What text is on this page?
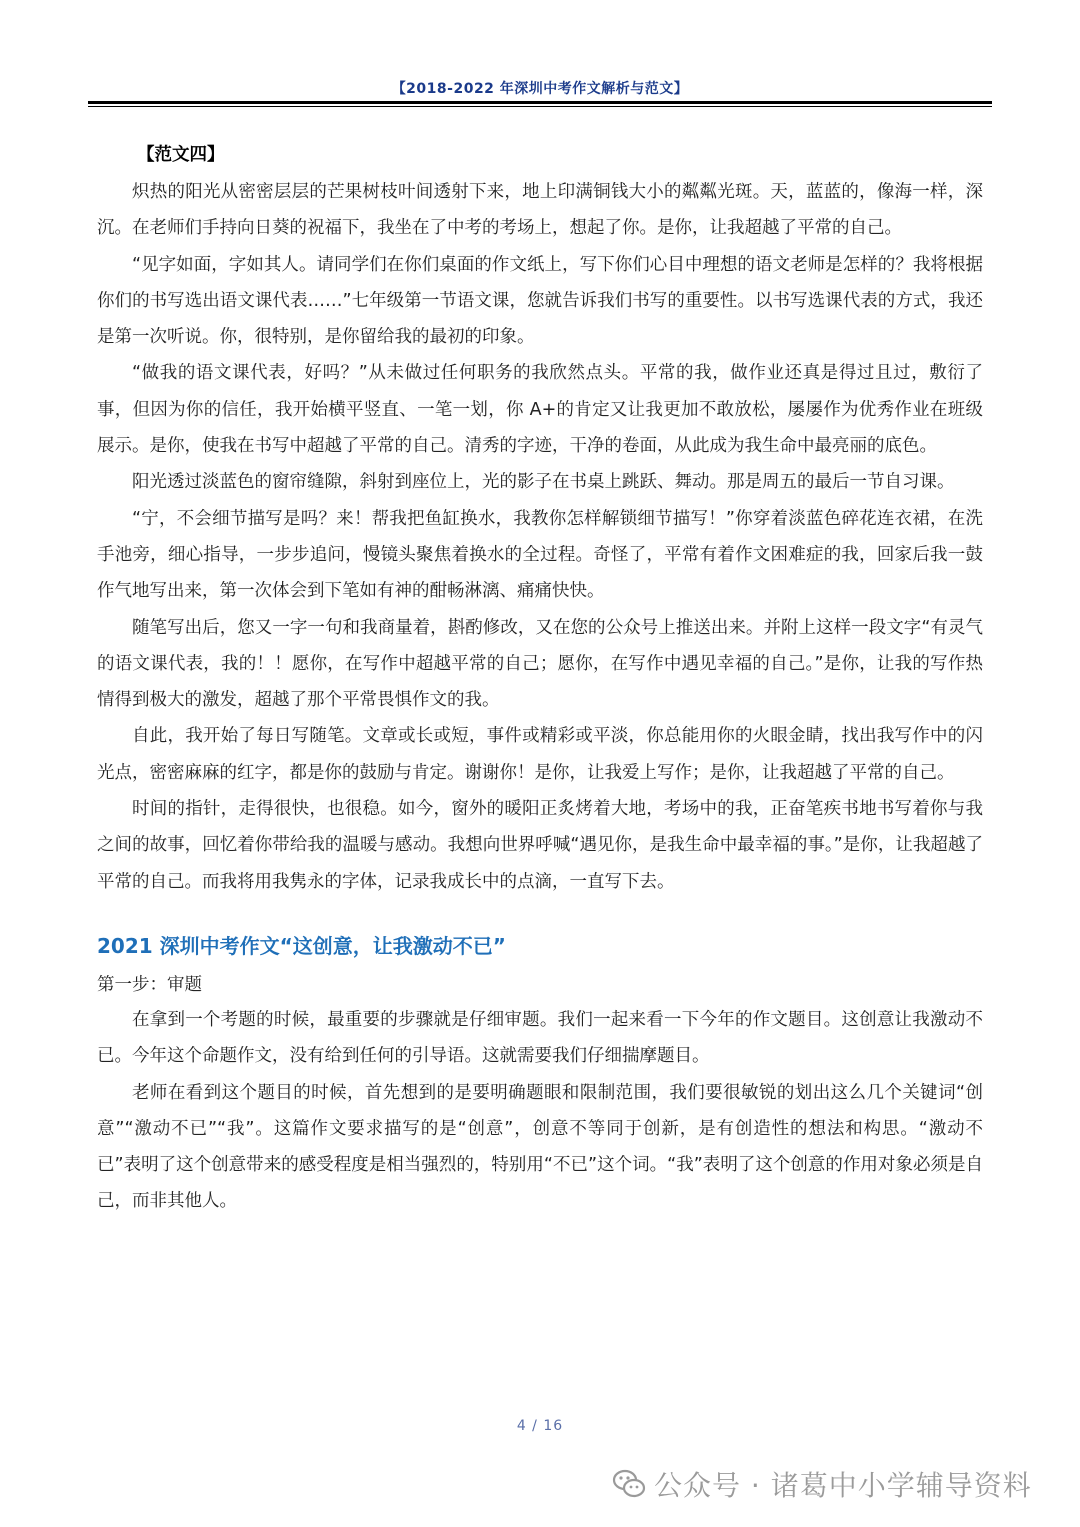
【2018-2022 年深圳中考作文解析与范文】
【范文四】

炽热的阳光从密密层层的芒果树枝叶间透射下来，地上印满铜钱大小的粼粼光斑。天，蓝蓝的，像海一样，深沉。在老师们手持向日葵的祝福下，我坐在了中考的考场上，想起了你。是你，让我超越了平常的自己。

“见字如面，字如其人。请同学们在你们桌面的作文纸上，写下你们心目中理想的语文老师是怎样的？我将根据你们的书写选出语文课代表……”七年级第一节语文课，您就告诉我们书写的重要性。以书写选课代表的方式，我还是第一次听说。你，很特别，是你留给我的最初的印象。

“做我的语文课代表，好吗？”从未做过任何职务的我欣然点头。平常的我，做作业还真是得过且过，敷衍了事，但因为你的信任，我开始横平竖直、一笔一划，你 A+的肯定又让我更加不敢放松，屡屡作为优秀作业在班级展示。是你，使我在书写中超越了平常的自己。清秀的字迹，干净的卷面，从此成为我生命中最亮丽的底色。

阳光透过淡蓝色的窗帘缝隙，斜射到座位上，光的影子在书桌上跳跃、舞动。那是周五的最后一节自习课。

“宁，不会细节描写是吗？来！帮我把鱼缸换水，我教你怎样解锁细节描写！”你穿着淡蓝色碎花连衣裙，在洗手池旁，细心指导，一步步追问，慢镜头聚焦着换水的全过程。奇怪了，平常有着作文困难症的我，回家后我一鼓作气地写出来，第一次体会到下笔如有神的酣畅淋漓、痛痛快快。

随笔写出后，您又一字一句和我商量着，斟酌修改，又在您的公众号上推送出来。并附上这样一段文字“有灵气的语文课代表，我的！！愿你，在写作中超越平常的自己；愿你，在写作中遇见幸福的自己。”是你，让我的写作热情得到极大的激发，超越了那个平常畏惧作文的我。

自此，我开始了每日写随笔。文章或长或短，事件或精彩或平淡，你总能用你的火眼金睛，找出我写作中的闪光点，密密麻麻的红字，都是你的鼓励与肯定。谢谢你！是你，让我爱上写作；是你，让我超越了平常的自己。

时间的指针，走得很快，也很稳。如今，窗外的暖阳正炙烤着大地，考场中的我，正奋笔疾书地书写着你与我之间的故事，回忆着你带给我的温暖与感动。我想向世界呼喊“遇见你，是我生命中最幸福的事。”是你，让我超越了平常的自己。而我将用我隽永的字体，记录我成长中的点滴，一直写下去。

2021 深圳中考作文“这创意，让我激动不已”
第一步：审题

在拿到一个考题的时候，最重要的步骤就是仔细审题。我们一起来看一下今年的作文题目。这创意让我激动不已。今年这个命题作文，没有给到任何的引导语。这就需要我们仔细揣摩题目。

老师在看到这个题目的时候，首先想到的是要明确题眼和限制范围，我们要很敏锐的划出这么几个关键词“创意”“激动不已”“我”。这篇作文要求描写的是“创意”，创意不等同于创新，是有创造性的想法和构思。“激动不已”表明了这个创意带来的感受程度是相当强烈的，特别用“不已”这个词。“我”表明了这个创意的作用对象必须是自己，而非其他人。

4 / 16
公众号 · 诸葛中小学辅导资料
